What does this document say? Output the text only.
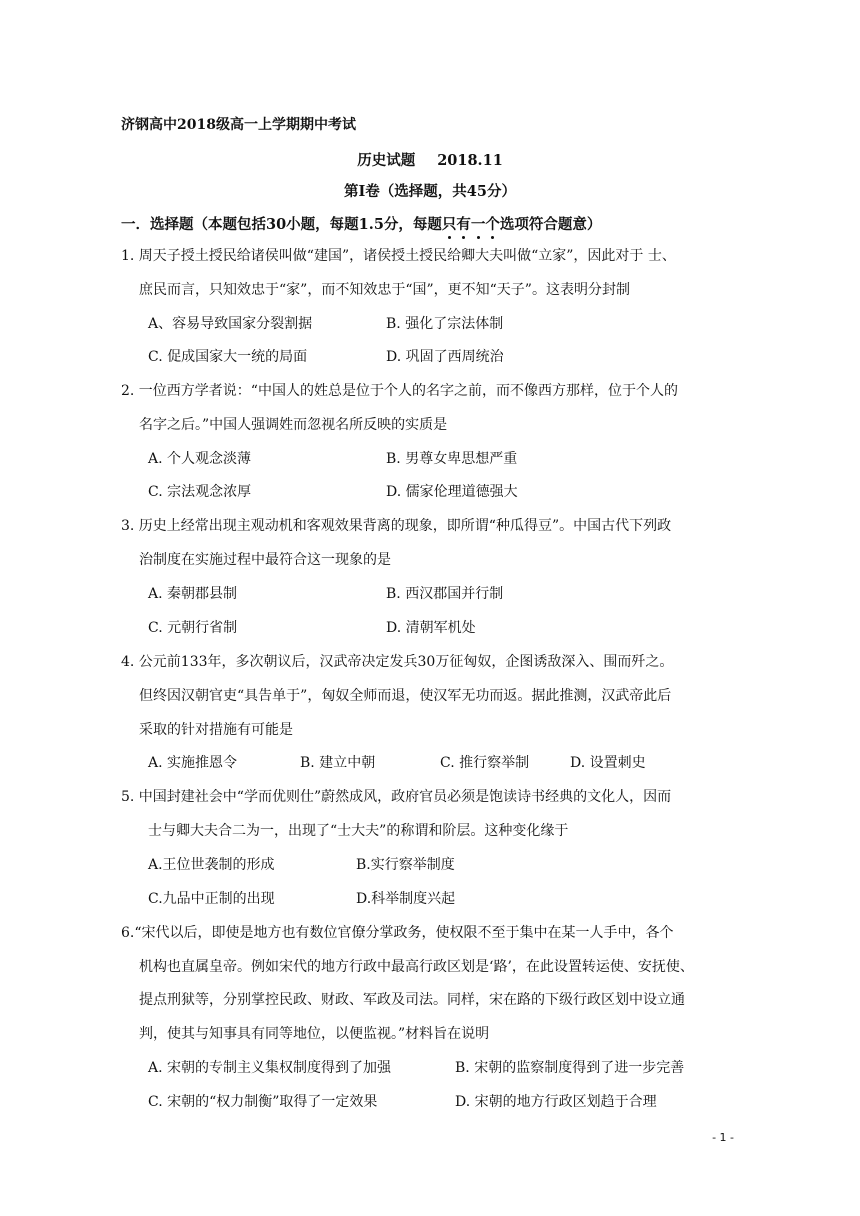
济钢高中2018级高一上学期期中考试
历史试题 2018.11
第Ⅰ卷（选择题，共45分）
一．选择题（本题包括30小题，每题1.5分，每题只有一个选项符合题意）
1. 周天子授土授民给诸侯叫做“建国”，诸侯授土授民给卿大夫叫做“立家”，因此对于 士、
庶民而言，只知效忠于“家”，而不知效忠于“国”，更不知“天子”。这表明分封制
A、容易导致国家分裂割据	B. 强化了宗法体制
C. 促成国家大一统的局面	D. 巩固了西周统治
2. 一位西方学者说：“中国人的姓总是位于个人的名字之前，而不像西方那样，位于个人的
名字之后。”中国人强调姓而忽视名所反映的实质是
A. 个人观念淡薄	B. 男尊女卑思想严重
C. 宗法观念浓厚	D. 儒家伦理道德强大
3. 历史上经常出现主观动机和客观效果背离的现象，即所谓“种瓜得豆”。中国古代下列政
治制度在实施过程中最符合这一现象的是
A. 秦朝郡县制	B. 西汉郡国并行制
C. 元朝行省制	D. 清朝军机处
4. 公元前133年，多次朝议后，汉武帝决定发兵30万征匈奴，企图诱敌深入、围而歼之。
但终因汉朝官吏“具告单于”，匈奴全师而退，使汉军无功而返。据此推测，汉武帝此后
采取的针对措施有可能是
A. 实施推恩令	B. 建立中朝	C. 推行察举制	D. 设置刺史
5. 中国封建社会中“学而优则仕”蔚然成风，政府官员必须是饱读诗书经典的文化人，因而
士与卿大夫合二为一，出现了“士大夫”的称谓和阶层。这种变化缘于
A.王位世袭制的形成	B.实行察举制度
C.九品中正制的出现	D.科举制度兴起
6.“宋代以后，即使是地方也有数位官僚分掌政务，使权限不至于集中在某一人手中，各个
机构也直属皇帝。例如宋代的地方行政中最高行政区划是‘路’，在此设置转运使、安抚使、
提点刑狱等，分别掌控民政、财政、军政及司法。同样，宋在路的下级行政区划中设立通
判，使其与知事具有同等地位，以便监视。”材料旨在说明
A. 宋朝的专制主义集权制度得到了加强	B. 宋朝的监察制度得到了进一步完善
C. 宋朝的“权力制衡”取得了一定效果	D. 宋朝的地方行政区划趋于合理
- 1 -
